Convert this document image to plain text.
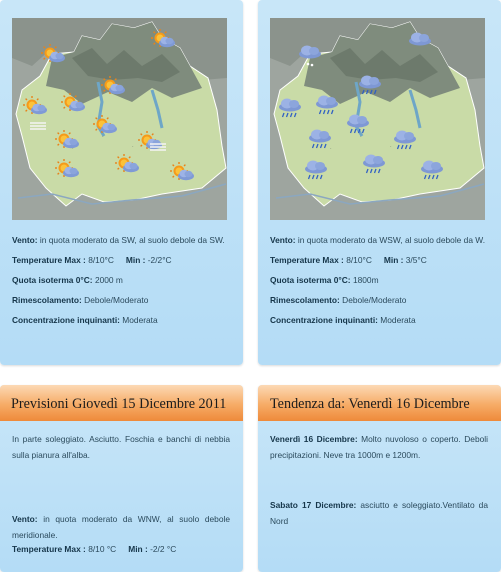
Vento: in quota moderato da SW, al suolo debole da SW.

Temperature Max : 8/10°C Min : -2/2°C

Quota isoterma 0°C: 2000 m

Rimescolamento: Debole/Moderato

Concentrazione inquinanti: Moderata

Vento: in quota moderato da WSW, al suolo debole da W.

Temperature Max : 8/10°C Min : 3/5°C

Quota isoterma 0°C: 1800m

Rimescolamento: Debole/Moderato

Concentrazione inquinanti: Moderata

Previsioni Giovedì 15 Dicembre 2011
In parte soleggiato. Asciutto. Foschia e banchi di nebbia sulla pianura all'alba.
Vento: in quota moderato da WNW, al suolo debole meridionale.
Temperature Max : 8/10 °C Min : -2/2 °C
Tendenza da: Venerdì 16 Dicembre
Venerdì 16 Dicembre: Molto nuvoloso o coperto. Deboli precipitazioni. Neve tra 1000m e 1200m.
Sabato 17 Dicembre: asciutto e soleggiato.Ventilato da Nord
